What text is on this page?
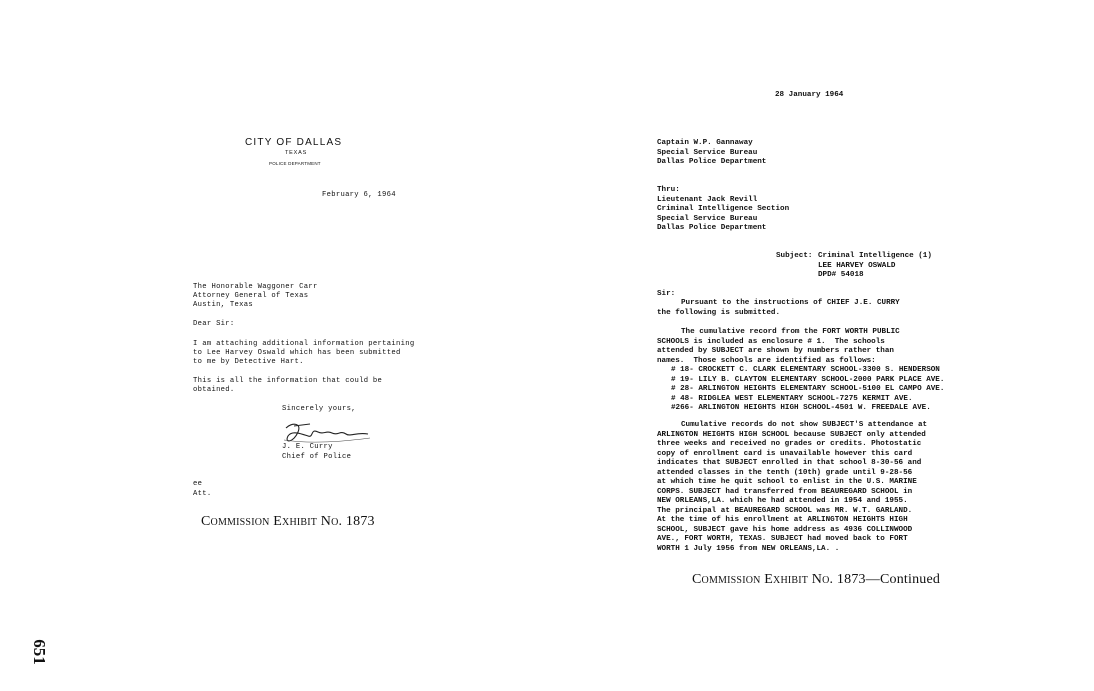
651
CITY OF DALLAS
TEXAS
POLICE DEPARTMENT
February 6, 1964
The Honorable Waggoner Carr
Attorney General of Texas
Austin, Texas
Dear Sir:
I am attaching additional information pertaining
to Lee Harvey Oswald which has been submitted
to me by Detective Hart.
This is all the information that could be
obtained.
Sincerely yours,
J. E. Curry
Chief of Police
ee
Att.
Commission Exhibit No. 1873
28 January 1964
Captain W.P. Gannaway
Special Service Bureau
Dallas Police Department
Thru:
Lieutenant Jack Revill
Criminal Intelligence Section
Special Service Bureau
Dallas Police Department
Subject: Criminal Intelligence (1)
LEE HARVEY OSWALD
DPD# 54018
Sir:
Pursuant to the instructions of CHIEF J.E. CURRY
the following is submitted.
The cumulative record from the FORT WORTH PUBLIC
SCHOOLS is included as enclosure # 1.  The schools
attended by SUBJECT are shown by numbers rather than
names.  Those schools are identified as follows:
# 18- CROCKETT C. CLARK ELEMENTARY SCHOOL-3300 S. HENDERSON
# 19- LILY B. CLAYTON ELEMENTARY SCHOOL-2000 PARK PLACE AVE.
# 28- ARLINGTON HEIGHTS ELEMENTARY SCHOOL-5100 EL CAMPO AVE.
# 48- RIDGLEA WEST ELEMENTARY SCHOOL-7275 KERMIT AVE.
#266- ARLINGTON HEIGHTS HIGH SCHOOL-4501 W. FREEDALE AVE.
Cumulative records do not show SUBJECT'S attendance at
ARLINGTON HEIGHTS HIGH SCHOOL because SUBJECT only attended
three weeks and received no grades or credits. Photostatic
copy of enrollment card is unavailable however this card
indicates that SUBJECT enrolled in that school 8-30-56 and
attended classes in the tenth (10th) grade until 9-28-56
at which time he quit school to enlist in the U.S. MARINE
CORPS. SUBJECT had transferred from BEAUREGARD SCHOOL in
NEW ORLEANS,LA. which he had attended in 1954 and 1955.
The principal at BEAUREGARD SCHOOL was MR. W.T. GARLAND.
At the time of his enrollment at ARLINGTON HEIGHTS HIGH
SCHOOL, SUBJECT gave his home address as 4936 COLLINWOOD
AVE., FORT WORTH, TEXAS. SUBJECT had moved back to FORT
WORTH 1 July 1956 from NEW ORLEANS,LA. .
Commission Exhibit No. 1873—Continued
